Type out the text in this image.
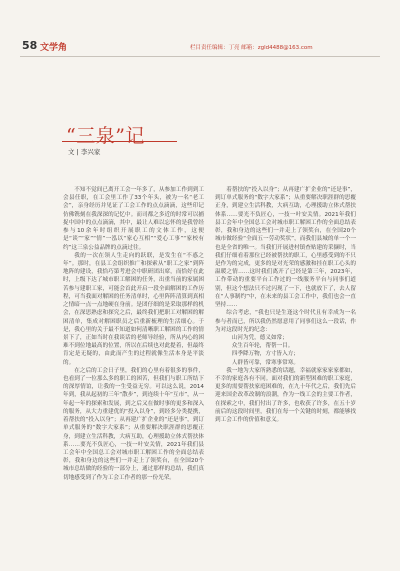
58 文学角	栏目责任编辑：丁亮 邮箱：zgld4488@163.com
“三泉”记
文 | 李兴家

不知不觉间已离开工会一年多了，从参加工作到到工会县任职，在工会里工作了33个年头，被为一名“老工会”，亲身经历并见证了工会工作的点点滴滴，这些印记仿佛镌刻在我深深的记忆中。而司都之多近的时常可以捕捉中国中的点点滴滴，其中，最让人难以忘怀的是我曾经参与10余年时组织开展职工的文体工作，这便是“谈”“家”“情”一泓以“家心互相”“爱心工事”“家校有约”这三泉公益品牌的点滴过往。

我的一次在领人生走向的跃联，是发生在“不惑之年”。那时，在县工会组织推广和探索从“职工之家”到阵地阵的建设，我恰巧第考进会中职研团出席，而恰好在此时，上级下达了城市职工解困的任务，出重当前的家属困苦参与建职工家，可能会首此开启一段全面解困的工作历程，可当我面对解困的任务清单时，心里阵阵清算到真相之情暗一点一点地硬在身前。是团仔细的是采取那样的机会，在深思熟虑和探究之后，最终我们把职工对解困的解困清单，集成对解困职员之后重新梳理的生活细心。于是，我心里的关于最不知道如何清晰职工解困的工作的情景下了，正如当时在我谈话的老师导经验，所从内心的困难不到位地最高的位置，所以在后续也对此提着，但最终肯定是无疑的，由此而产生的过程就像生活本身是平淡的。

在之后的工会日子里，我们的心里有着很多的事件，也看到了一位那么多的职工的困苦，但我们与职工所结下的深厚情谊，让我的一生受益无穷。可以这么说，2014年到，我从起初的三年“散步”，到连续十年“互市”，从一年起一年的探索和发展，到之后又在做时事的更多和深入的服务，从大力重建优的“投入以身”，到经多分类提携，着帮扶的“投入以身”；从再建广扩企业的“还是事”，到订单式服务的“数字大家系”；从重要解决职涯群的思覆正身，到建立生活科教，大病互助，心理援助立体式帮扶体系……要光不负匠心，一技一叶安关情，2021年我们县工会年中全国总工会对城市职工解困工作的全面总结表彰，我和身边的这些们一并走上了领奖台，在全国20个城市总结做的经验的一部分上，通过那样的总结，我们真切地感受到了作为工会工作者的那一份光荣。

着帮扶的“投入以身”；从再建广扩企业的“还是事”，到订单式服务的“数字大家系”；从重要解决职涯群的思覆正身，到建立生活科教，大病互助，心理援助立体式帮扶体系……要光不负匠心，一技一叶安关情。2021年我们县工会年中全国总工会对城市职工解困工作的全面总结表彰，我和身边的这些们一并走上了领奖台，在全国20个城市做经验“全面五一劳动奖状”，而我们县城的单一个一也是全省的唯一。当我们开展进村镇查贴建的采撷时，当我们仔细看着那位已经被帮扶的职工，心里感受到的不只是作为的完成，更多的是对光荣的感激和挂在职工心头的温暖之情……这时我们离开了已经是第三年，2023年，工作带动的重要平台工作过的一线服务平台与同事们道别，但这个想法只不过闪现了一下，也就放下了，去人留在“人事制约”中，在未来的县工会工作中，我们也会一直坚持……

综合考虑，“我也只是生逢这个时代且有幸成为一名参与者而已，所以我仍然愿意用了同事们这么一段话，作为对这段时光的纪念：

山河为凭，德义如常；

众生百年轮，帮帮一目。

四季降万物，方寸皆入方；

人群皆可靠，常寒事常寒。

我一地为大家所熟悉的话题，幸福就家家家家都如，不幸的家庭各有不同。面对我们的新型困难的职工家庭，更多的需要帮扶家庭困难的，在九十年代之后，我们先后迎来国企改革改制的浪潮，作为一线工会的主要工作者，在探索之中，我们付出了许多，也收获了许多，在五十岁前后的这段时间里，我们在每一个关键的时刻，都能够找到工会工作的价值和意义。
